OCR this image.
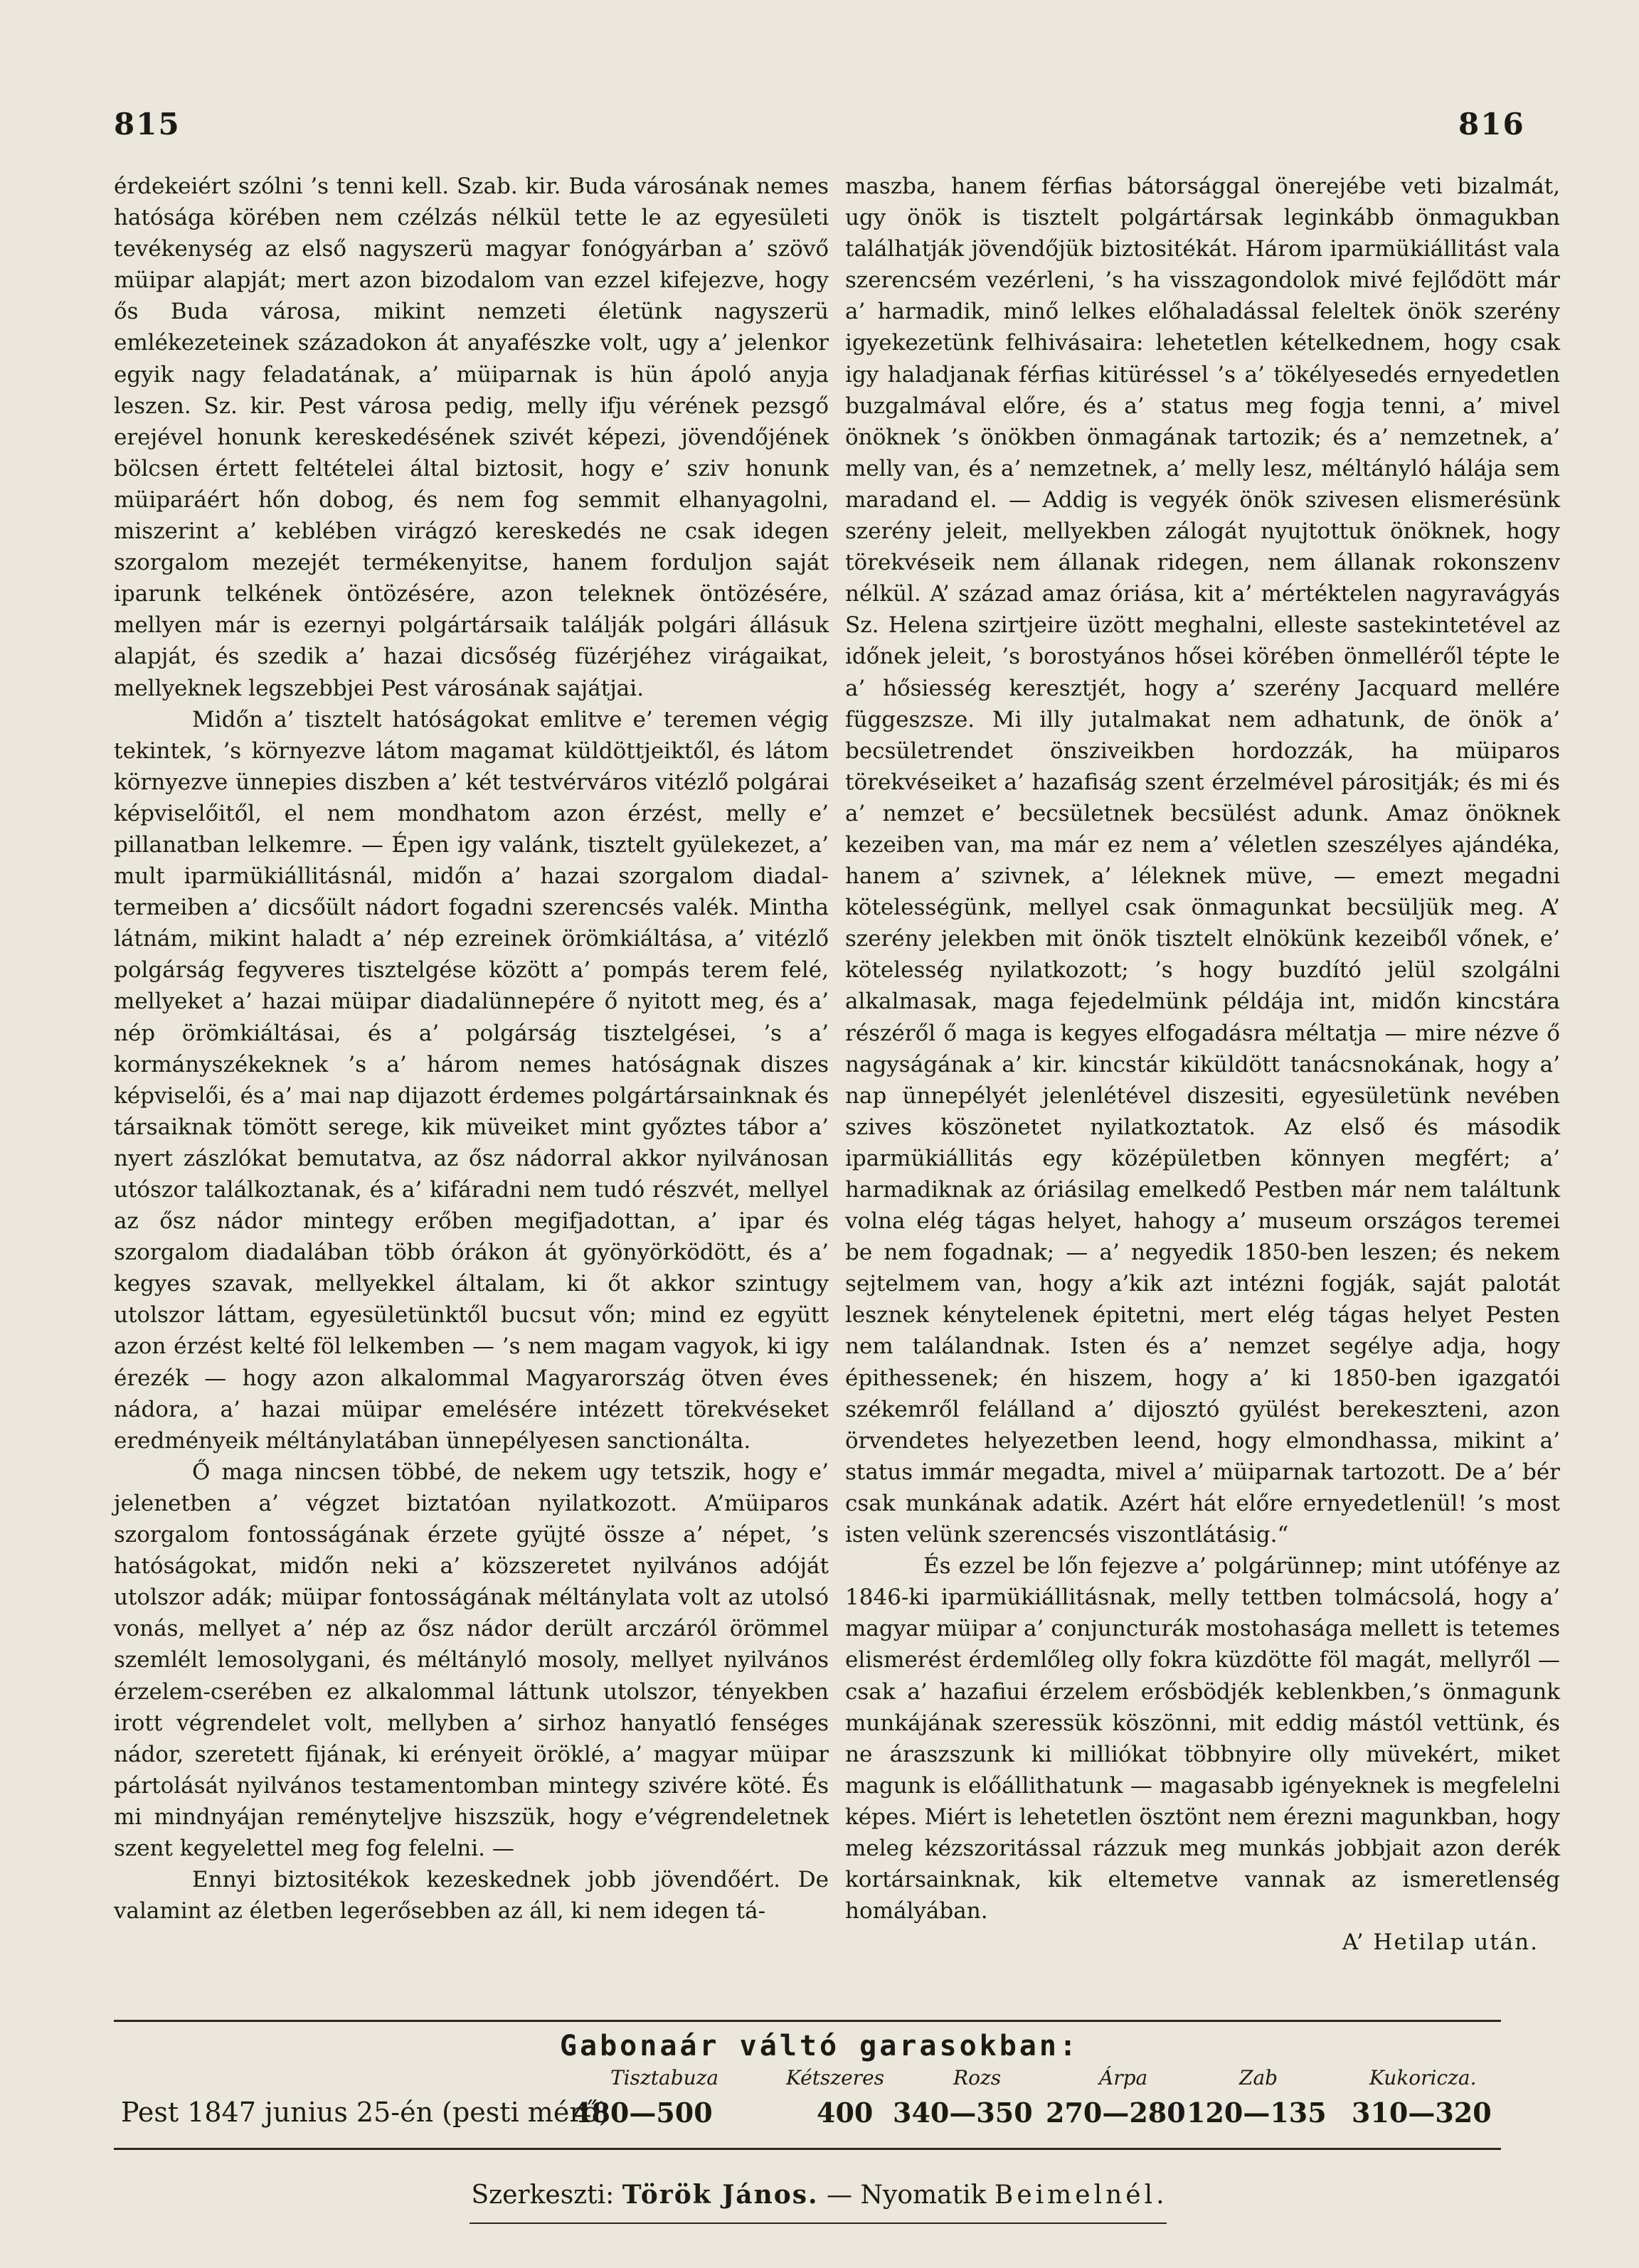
815	816

érdekeiért szólni ’s tenni kell. Szab. kir. Buda városának nemes hatósága körében nem czélzás nélkül tette le az egyesületi tevékenység az első nagyszerü magyar fonógyárban a’ szövő müipar alapját; mert azon bizodalom van ezzel kifejezve, hogy ős Buda városa, mikint nemzeti életünk nagyszerü emlékezeteinek századokon át anyafészke volt, ugy a’ jelenkor egyik nagy feladatának, a’ müiparnak is hün ápoló anyja leszen. Sz. kir. Pest városa pedig, melly ifju vérének pezsgő erejével honunk kereskedésének szivét képezi, jövendőjének bölcsen értett feltételei által biztosit, hogy e’ sziv honunk müiparáért hőn dobog, és nem fog semmit elhanyagolni, miszerint a’ keblében virágzó kereskedés ne csak idegen szorgalom mezejét termékenyitse, hanem forduljon saját iparunk telkének öntözésére, azon teleknek öntözésére, mellyen már is ezernyi polgártársaik találják polgári állásuk alapját, és szedik a’ hazai dicsőség füzérjéhez virágaikat, mellyeknek legszebbjei Pest városának sajátjai.

Midőn a’ tisztelt hatóságokat emlitve e’ teremen végig tekintek, ’s környezve látom magamat küldöttjeiktől, és látom környezve ünnepies diszben a’ két testvérváros vitézlő polgárai képviselőitől, el nem mondhatom azon érzést, melly e’ pillanatban lelkemre. — Épen igy valánk, tisztelt gyülekezet, a’ mult iparmükiállitásnál, midőn a’ hazai szorgalom diadal-termeiben a’ dicsőült nádort fogadni szerencsés valék. Mintha látnám, mikint haladt a’ nép ezreinek örömkiáltása, a’ vitézlő polgárság fegyveres tisztelgése között a’ pompás terem felé, mellyeket a’ hazai müipar diadalünnepére ő nyitott meg, és a’ nép örömkiáltásai, és a’ polgárság tisztelgései, ’s a’ kormányszékeknek ’s a’ három nemes hatóságnak diszes képviselői, és a’ mai nap dijazott érdemes polgártársainknak és társaiknak tömött serege, kik müveiket mint győztes tábor a’ nyert zászlókat bemutatva, az ősz nádorral akkor nyilvánosan utószor találkoztanak, és a’ kifáradni nem tudó részvét, mellyel az ősz nádor mintegy erőben megifjadottan, a’ ipar és szorgalom diadalában több órákon át gyönyörködött, és a’ kegyes szavak, mellyekkel általam, ki őt akkor szintugy utolszor láttam, egyesületünktől bucsut vőn; mind ez együtt azon érzést kelté föl lelkemben — ’s nem magam vagyok, ki igy érezék — hogy azon alkalommal Magyarország ötven éves nádora, a’ hazai müipar emelésére intézett törekvéseket eredményeik méltánylatában ünnepélyesen sanctionálta.

Ő maga nincsen többé, de nekem ugy tetszik, hogy e’ jelenetben a’ végzet biztatóan nyilatkozott. A’müiparos szorgalom fontosságának érzete gyüjté össze a’ népet, ’s hatóságokat, midőn neki a’ közszeretet nyilvános adóját utolszor adák; müipar fontosságának méltánylata volt az utolsó vonás, mellyet a’ nép az ősz nádor derült arczáról örömmel szemlélt lemosolygani, és méltányló mosoly, mellyet nyilvános érzelem-cserében ez alkalommal láttunk utolszor, tényekben irott végrendelet volt, mellyben a’ sirhoz hanyatló fenséges nádor, szeretett fijának, ki erényeit öröklé, a’ magyar müipar pártolását nyilvános testamentomban mintegy szivére köté. És mi mindnyájan reményteljve hiszszük, hogy e’végrendeletnek szent kegyelettel meg fog felelni. —

Ennyi biztositékok kezeskednek jobb jövendőért. De valamint az életben legerősebben az áll, ki nem idegen tá-

maszba, hanem férfias bátorsággal önerejébe veti bizalmát, ugy önök is tisztelt polgártársak leginkább önmagukban találhatják jövendőjük biztositékát. Három iparmükiállitást vala szerencsém vezérleni, ’s ha visszagondolok mivé fejlődött már a’ harmadik, minő lelkes előhaladással feleltek önök szerény igyekezetünk felhivásaira: lehetetlen kételkednem, hogy csak igy haladjanak férfias kitüréssel ’s a’ tökélyesedés ernyedetlen buzgalmával előre, és a’ status meg fogja tenni, a’ mivel önöknek ’s önökben önmagának tartozik; és a’ nemzetnek, a’ melly van, és a’ nemzetnek, a’ melly lesz, méltányló hálája sem maradand el. — Addig is vegyék önök szivesen elismerésünk szerény jeleit, mellyekben zálogát nyujtottuk önöknek, hogy törekvéseik nem állanak ridegen, nem állanak rokonszenv nélkül. A’ század amaz óriása, kit a’ mértéktelen nagyravágyás Sz. Helena szirtjeire üzött meghalni, elleste sastekintetével az időnek jeleit, ’s borostyános hősei körében önmelléről tépte le a’ hősiesség keresztjét, hogy a’ szerény Jacquard mellére függeszsze. Mi illy jutalmakat nem adhatunk, de önök a’ becsületrendet önsziveikben hordozzák, ha müiparos törekvéseiket a’ hazafiság szent érzelmével párositják; és mi és a’ nemzet e’ becsületnek becsülést adunk. Amaz önöknek kezeiben van, ma már ez nem a’ véletlen szeszélyes ajándéka, hanem a’ szivnek, a’ léleknek müve, — emezt megadni kötelességünk, mellyel csak önmagunkat becsüljük meg. A’ szerény jelekben mit önök tisztelt elnökünk kezeiből vőnek, e’ kötelesség nyilatkozott; ’s hogy buzdító jelül szolgálni alkalmasak, maga fejedelmünk példája int, midőn kincstára részéről ő maga is kegyes elfogadásra méltatja — mire nézve ő nagyságának a’ kir. kincstár kiküldött tanácsnokának, hogy a’ nap ünnepélyét jelenlétével diszesiti, egyesületünk nevében szives köszönetet nyilatkoztatok. Az első és második iparmükiállitás egy középületben könnyen megfért; a’ harmadiknak az óriásilag emelkedő Pestben már nem találtunk volna elég tágas helyet, hahogy a’ museum országos teremei be nem fogadnak; — a’ negyedik 1850-ben leszen; és nekem sejtelmem van, hogy a’kik azt intézni fogják, saját palotát lesznek kénytelenek épitetni, mert elég tágas helyet Pesten nem találandnak. Isten és a’ nemzet segélye adja, hogy épithessenek; én hiszem, hogy a’ ki 1850-ben igazgatói székemről felálland a’ dijosztó gyülést berekeszteni, azon örvendetes helyezetben leend, hogy elmondhassa, mikint a’ status immár megadta, mivel a’ müiparnak tartozott. De a’ bér csak munkának adatik. Azért hát előre ernyedetlenül! ’s most isten velünk szerencsés viszontlátásig.“

És ezzel be lőn fejezve a’ polgárünnep; mint utófénye az 1846-ki iparmükiállitásnak, melly tettben tolmácsolá, hogy a’ magyar müipar a’ conjuncturák mostohasága mellett is tetemes elismerést érdemlőleg olly fokra küzdötte föl magát, mellyről — csak a’ hazafiui érzelem erősbödjék keblenkben,’s önmagunk munkájának szeressük köszönni, mit eddig mástól vettünk, és ne áraszszunk ki milliókat többnyire olly müvekért, miket magunk is előállithatunk — magasabb igényeknek is megfelelni képes. Miért is lehetetlen ösztönt nem érezni magunkban, hogy meleg kézszoritással rázzuk meg munkás jobbjait azon derék kortársainknak, kik eltemetve vannak az ismeretlenség homályában.

A’ Hetilap után.

Gabonaár váltó garasokban:
Tisztabuza	Kétszeres	Rozs	Árpa	Zab	Kukoricza.
Pest 1847 junius 25-én (pesti mérő)
480—500	400 340—350 270—280 120—135 310—320
Szerkeszti: Török János. — Nyomatik Beimelnél.
